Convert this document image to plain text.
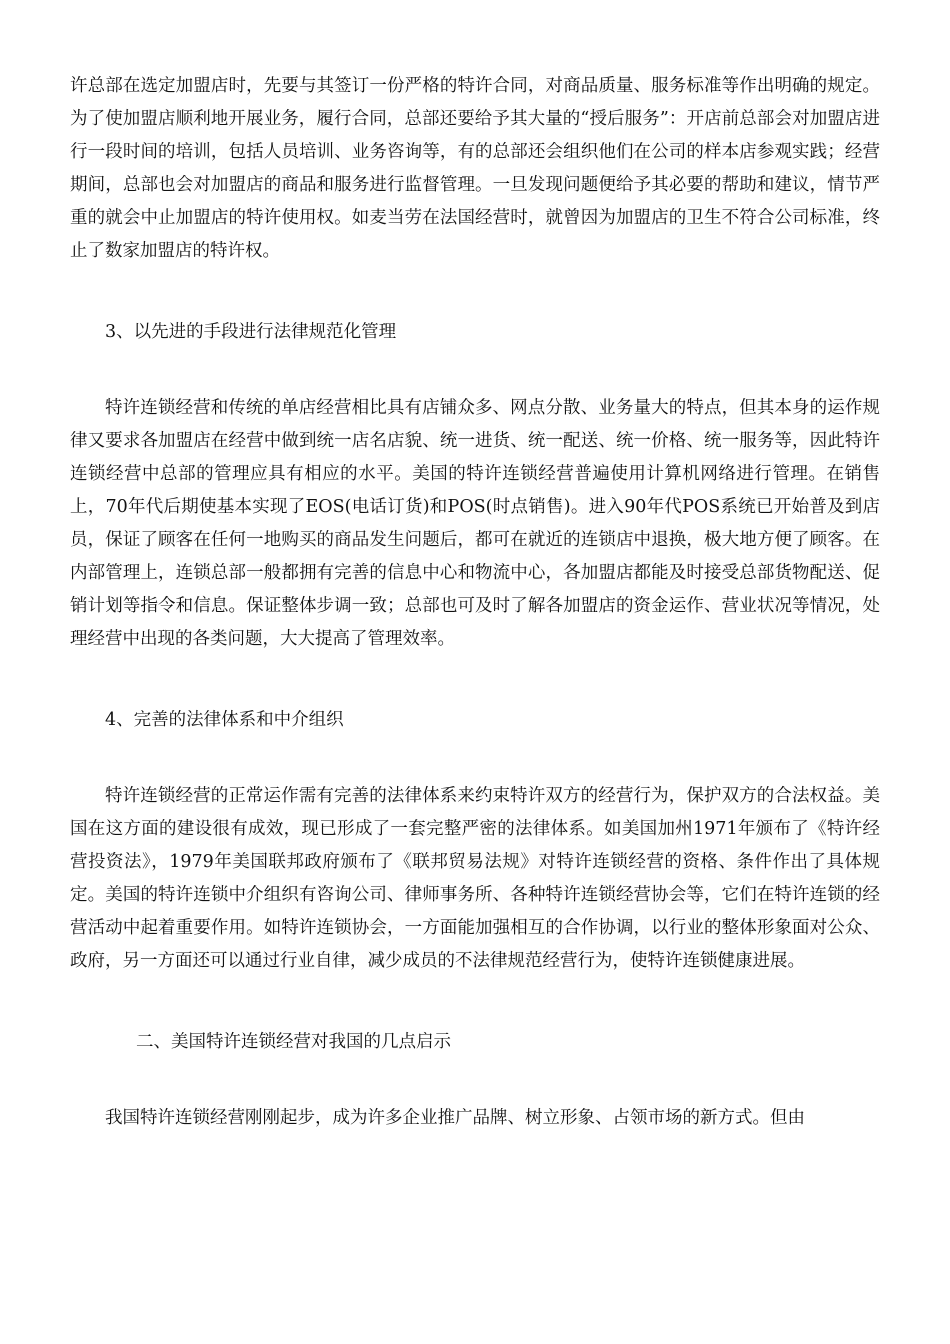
许总部在选定加盟店时，先要与其签订一份严格的特许合同，对商品质量、服务标准等作出明确的规定。为了使加盟店顺利地开展业务，履行合同，总部还要给予其大量的“授后服务”：开店前总部会对加盟店进行一段时间的培训，包括人员培训、业务咨询等，有的总部还会组织他们在公司的样本店参观实践；经营期间，总部也会对加盟店的商品和服务进行监督管理。一旦发现问题便给予其必要的帮助和建议，情节严重的就会中止加盟店的特许使用权。如麦当劳在法国经营时，就曾因为加盟店的卫生不符合公司标准，终止了数家加盟店的特许权。

3、以先进的手段进行法律规范化管理

特许连锁经营和传统的单店经营相比具有店铺众多、网点分散、业务量大的特点，但其本身的运作规律又要求各加盟店在经营中做到统一店名店貌、统一进货、统一配送、统一价格、统一服务等，因此特许连锁经营中总部的管理应具有相应的水平。美国的特许连锁经营普遍使用计算机网络进行管理。在销售上，70年代后期使基本实现了EOS(电话订货)和POS(时点销售)。进入90年代POS系统已开始普及到店员，保证了顾客在任何一地购买的商品发生问题后，都可在就近的连锁店中退换，极大地方便了顾客。在内部管理上，连锁总部一般都拥有完善的信息中心和物流中心，各加盟店都能及时接受总部货物配送、促销计划等指令和信息。保证整体步调一致；总部也可及时了解各加盟店的资金运作、营业状况等情况，处理经营中出现的各类问题，大大提高了管理效率。

4、完善的法律体系和中介组织

特许连锁经营的正常运作需有完善的法律体系来约束特许双方的经营行为，保护双方的合法权益。美国在这方面的建设很有成效，现已形成了一套完整严密的法律体系。如美国加州1971年颁布了《特许经营投资法》，1979年美国联邦政府颁布了《联邦贸易法规》对特许连锁经营的资格、条件作出了具体规定。美国的特许连锁中介组织有咨询公司、律师事务所、各种特许连锁经营协会等，它们在特许连锁的经营活动中起着重要作用。如特许连锁协会，一方面能加强相互的合作协调，以行业的整体形象面对公众、政府，另一方面还可以通过行业自律，减少成员的不法律规范经营行为，使特许连锁健康进展。

二、美国特许连锁经营对我国的几点启示

我国特许连锁经营刚刚起步，成为许多企业推广品牌、树立形象、占领市场的新方式。但由
